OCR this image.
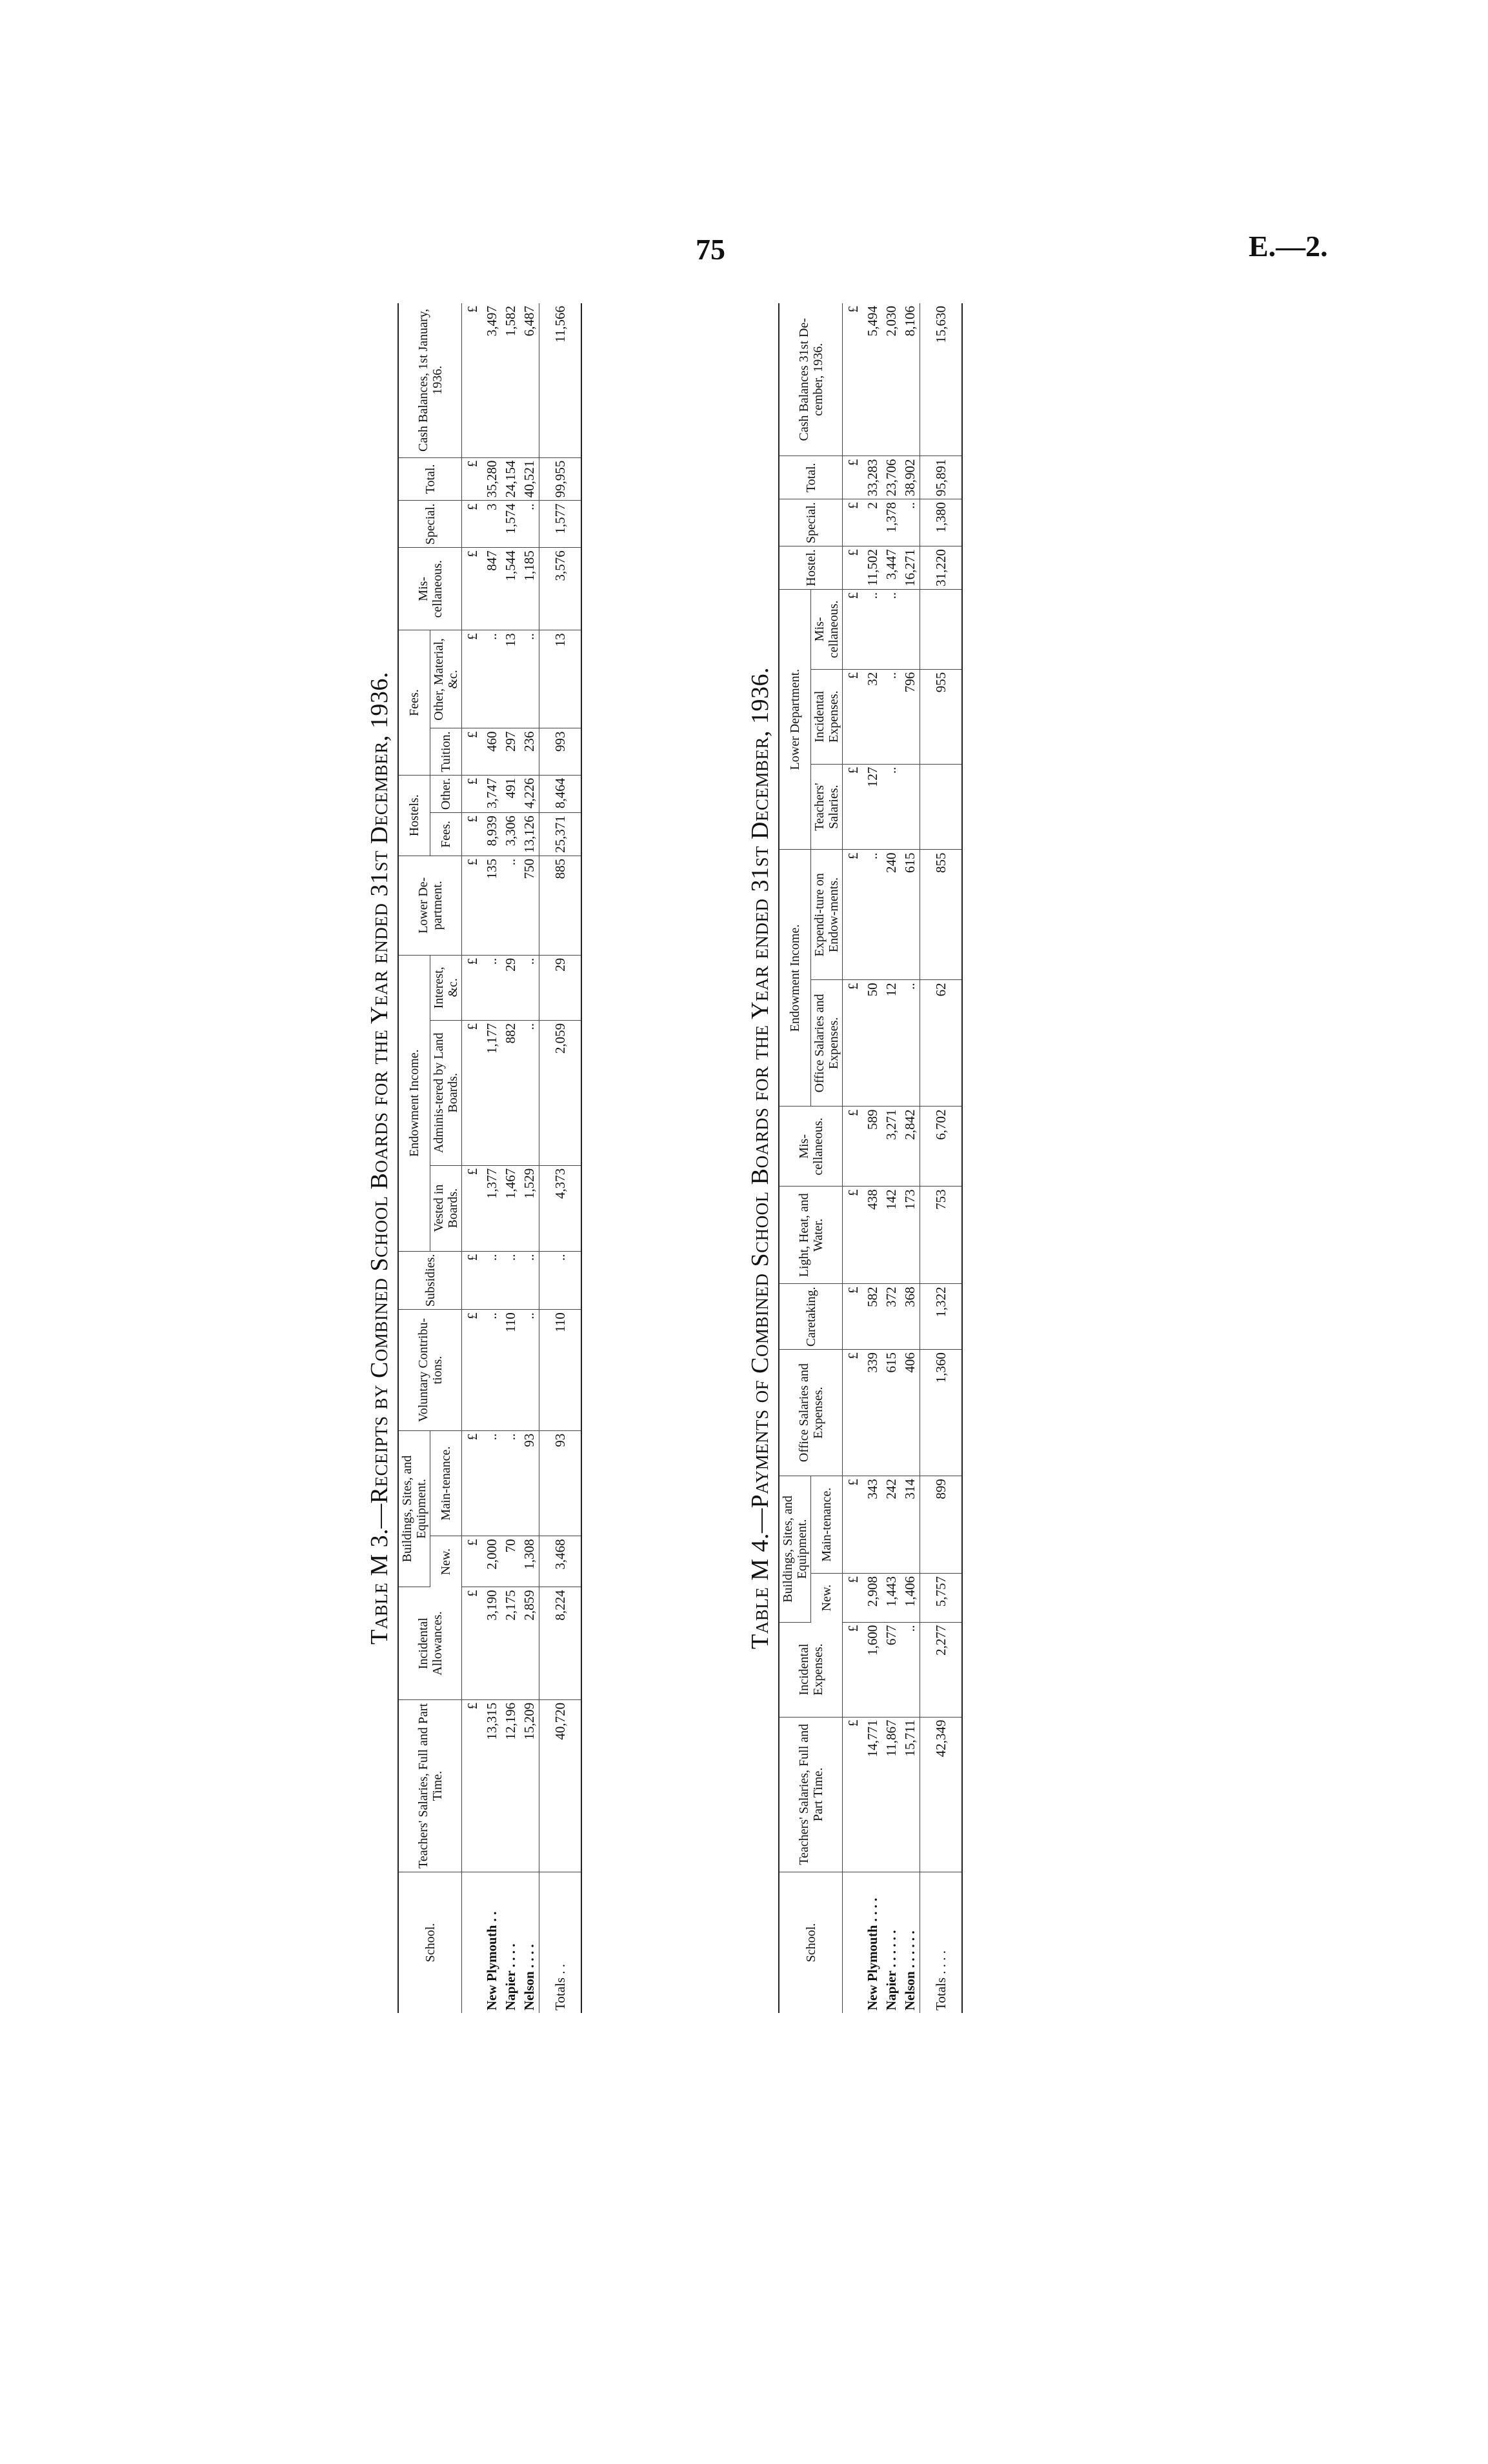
75	E.—2.
Table M 3.—Receipts by Combined School Boards for the Year ended 31st December, 1936.
School.	Teachers' Salaries, Full and Part Time.	Incidental Allowances.	Buildings, Sites, and Equipment.		Voluntary Contribu-tions.	Subsidies.	Endowment Income.			Lower De-partment.	Hostels.		Fees.		Mis-cellaneous.	Special.	Total.	Cash Balances, 1st January, 1936.
			New.	Main-tenance.			Vested in Boards.	Adminis-tered by Land Boards.	Interest, &c.		Fees.	Other.	Tuition.	Other, Material, &c.				
	£	£	£	£	£	£	£	£	£	£	£	£	£	£	£	£	£	£
New Plymouth . .	13,315	3,190	2,000	..	..	..	1,377	1,177	..	135	8,939	3,747	460	..	847	3	35,280	3,497
Napier . . . .	12,196	2,175	70	..	110	..	1,467	882	29	..	3,306	491	297	13	1,544	1,574	24,154	1,582
Nelson . . . .	15,209	2,859	1,308	93	..	..	1,529	..	..	750	13,126	4,226	236	..	1,185	..	40,521	6,487
Totals . .	40,720	8,224	3,468	93	110	..	4,373	2,059	29	885	25,371	8,464	993	13	3,576	1,577	99,955	11,566
Table M 4.—Payments of Combined School Boards for the Year ended 31st December, 1936.
School.	Teachers' Salaries, Full and Part Time.	Incidental Expenses.	Buildings, Sites, and Equipment.		Office Salaries and Expenses.	Caretaking.	Light, Heat, and Water.	Mis-cellaneous.	Endowment Income.		Lower Department.			Hostel.	Special.	Total.	Cash Balances 31st De-cember, 1936.
			New.	Main-tenance.					Office Salaries and Expenses.	Expendi-ture on Endow-ments.	Teachers' Salaries.	Incidental Expenses.	Mis-cellaneous.				
	£	£	£	£	£	£	£	£	£	£	£	£	£	£	£	£	£
New Plymouth . . . .	14,771	1,600	2,908	343	339	582	438	589	50	..	127	32	..	11,502	2	33,283	5,494
Napier . . . . . .	11,867	677	1,443	242	615	372	142	3,271	12	240	..	..	..	3,447	1,378	23,706	2,030
Nelson . . . . . .	15,711	..	1,406	314	406	368	173	2,842	..	615		796		16,271	..	38,902	8,106
Totals . . . .	42,349	2,277	5,757	899	1,360	1,322	753	6,702	62	855		955		31,220	1,380	95,891	15,630
